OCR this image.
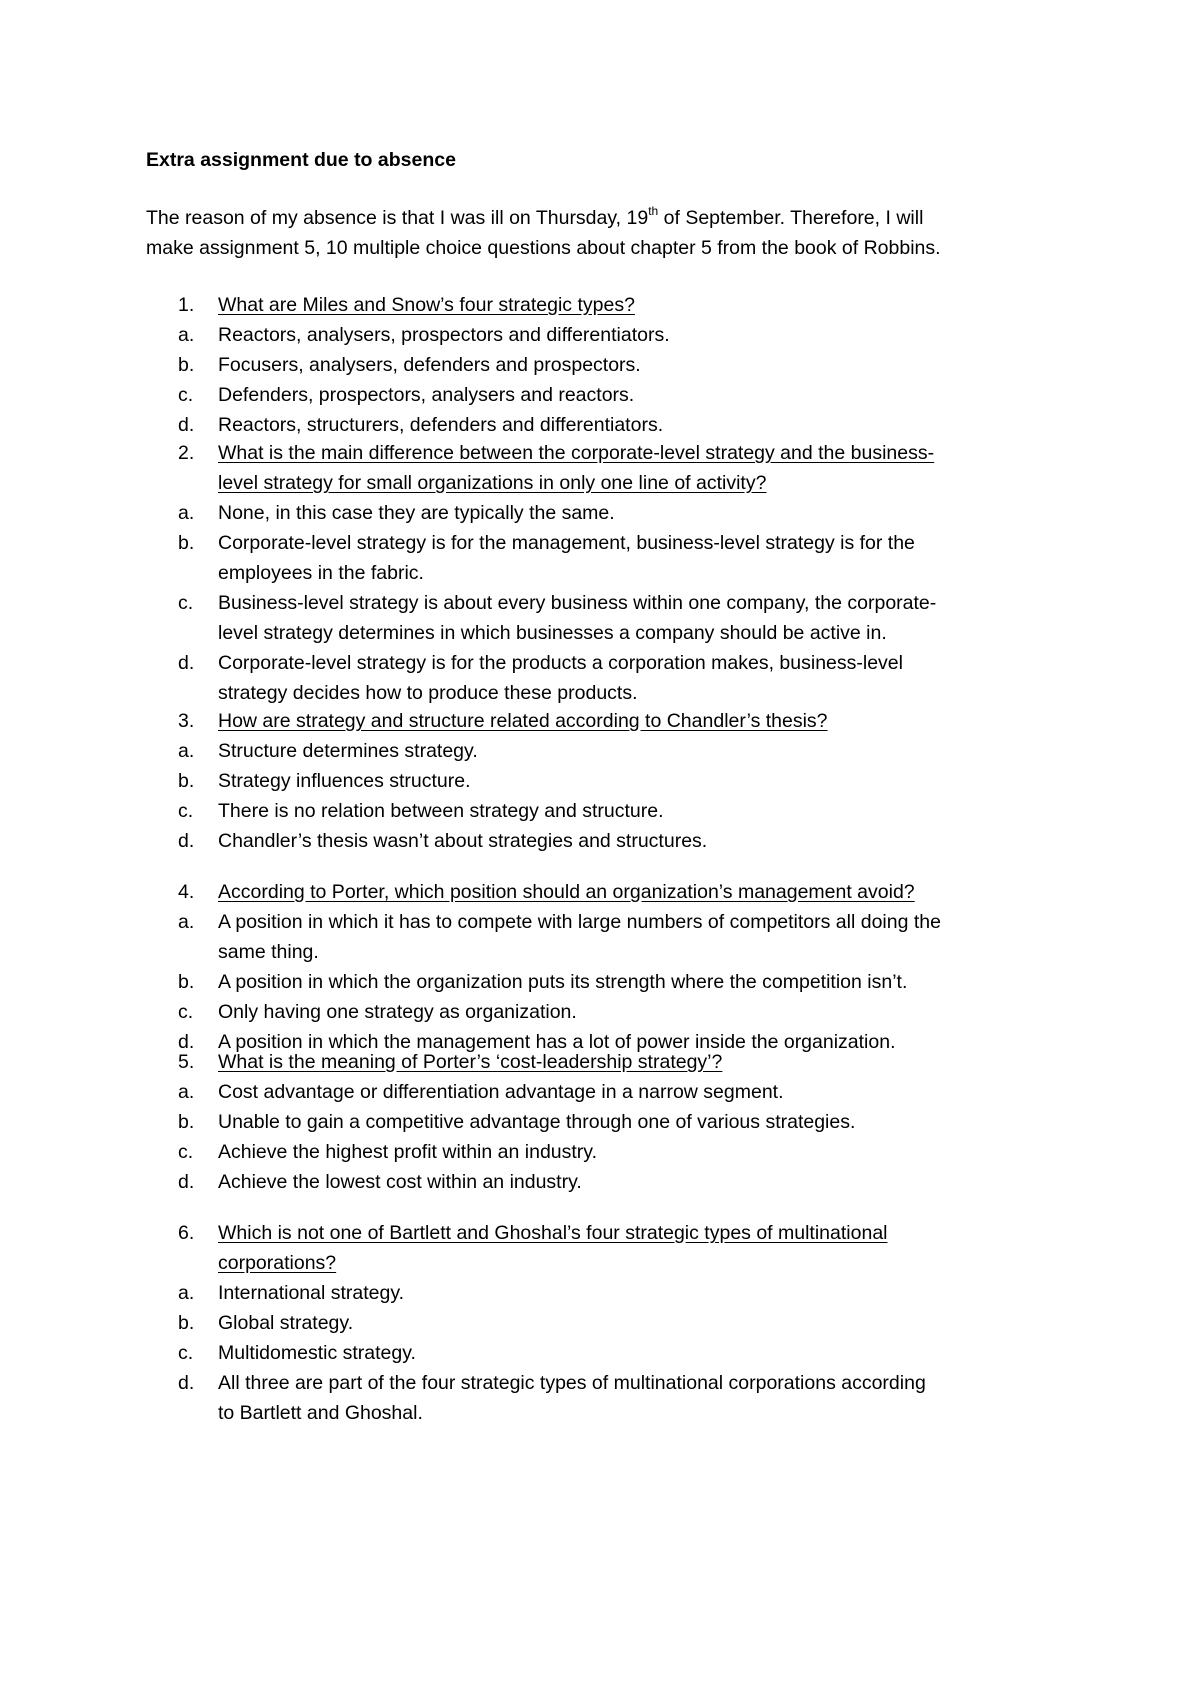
Extra assignment due to absence

The reason of my absence is that I was ill on Thursday, 19th of September. Therefore, I will

make assignment 5, 10 multiple choice questions about chapter 5 from the book of Robbins.

1.	What are Miles and Snow’s four strategic types?
a.	Reactors, analysers, prospectors and differentiators.
b.	Focusers, analysers, defenders and prospectors.
c.	Defenders, prospectors, analysers and reactors.
d.	Reactors, structurers, defenders and differentiators.
2.	What is the main difference between the corporate-level strategy and the business-
level strategy for small organizations in only one line of activity?
a.	None, in this case they are typically the same.
b.	Corporate-level strategy is for the management, business-level strategy is for the
employees in the fabric.
c.	Business-level strategy is about every business within one company, the corporate-
level strategy determines in which businesses a company should be active in.
d.	Corporate-level strategy is for the products a corporation makes, business-level
strategy decides how to produce these products.
3.	How are strategy and structure related according to Chandler’s thesis?
a.	Structure determines strategy.
b.	Strategy influences structure.
c.	There is no relation between strategy and structure.
d.	Chandler’s thesis wasn’t about strategies and structures.
4.	According to Porter, which position should an organization’s management avoid?
a.	A position in which it has to compete with large numbers of competitors all doing the
same thing.
b.	A position in which the organization puts its strength where the competition isn’t.
c.	Only having one strategy as organization.
d.	A position in which the management has a lot of power inside the organization.
5.	What is the meaning of Porter’s ‘cost-leadership strategy’?
a.	Cost advantage or differentiation advantage in a narrow segment.
b.	Unable to gain a competitive advantage through one of various strategies.
c.	Achieve the highest profit within an industry.
d.	Achieve the lowest cost within an industry.
6.	Which is not one of Bartlett and Ghoshal’s four strategic types of multinational
corporations?
a.	International strategy.
b.	Global strategy.
c.	Multidomestic strategy.
d.	All three are part of the four strategic types of multinational corporations according
to Bartlett and Ghoshal.
